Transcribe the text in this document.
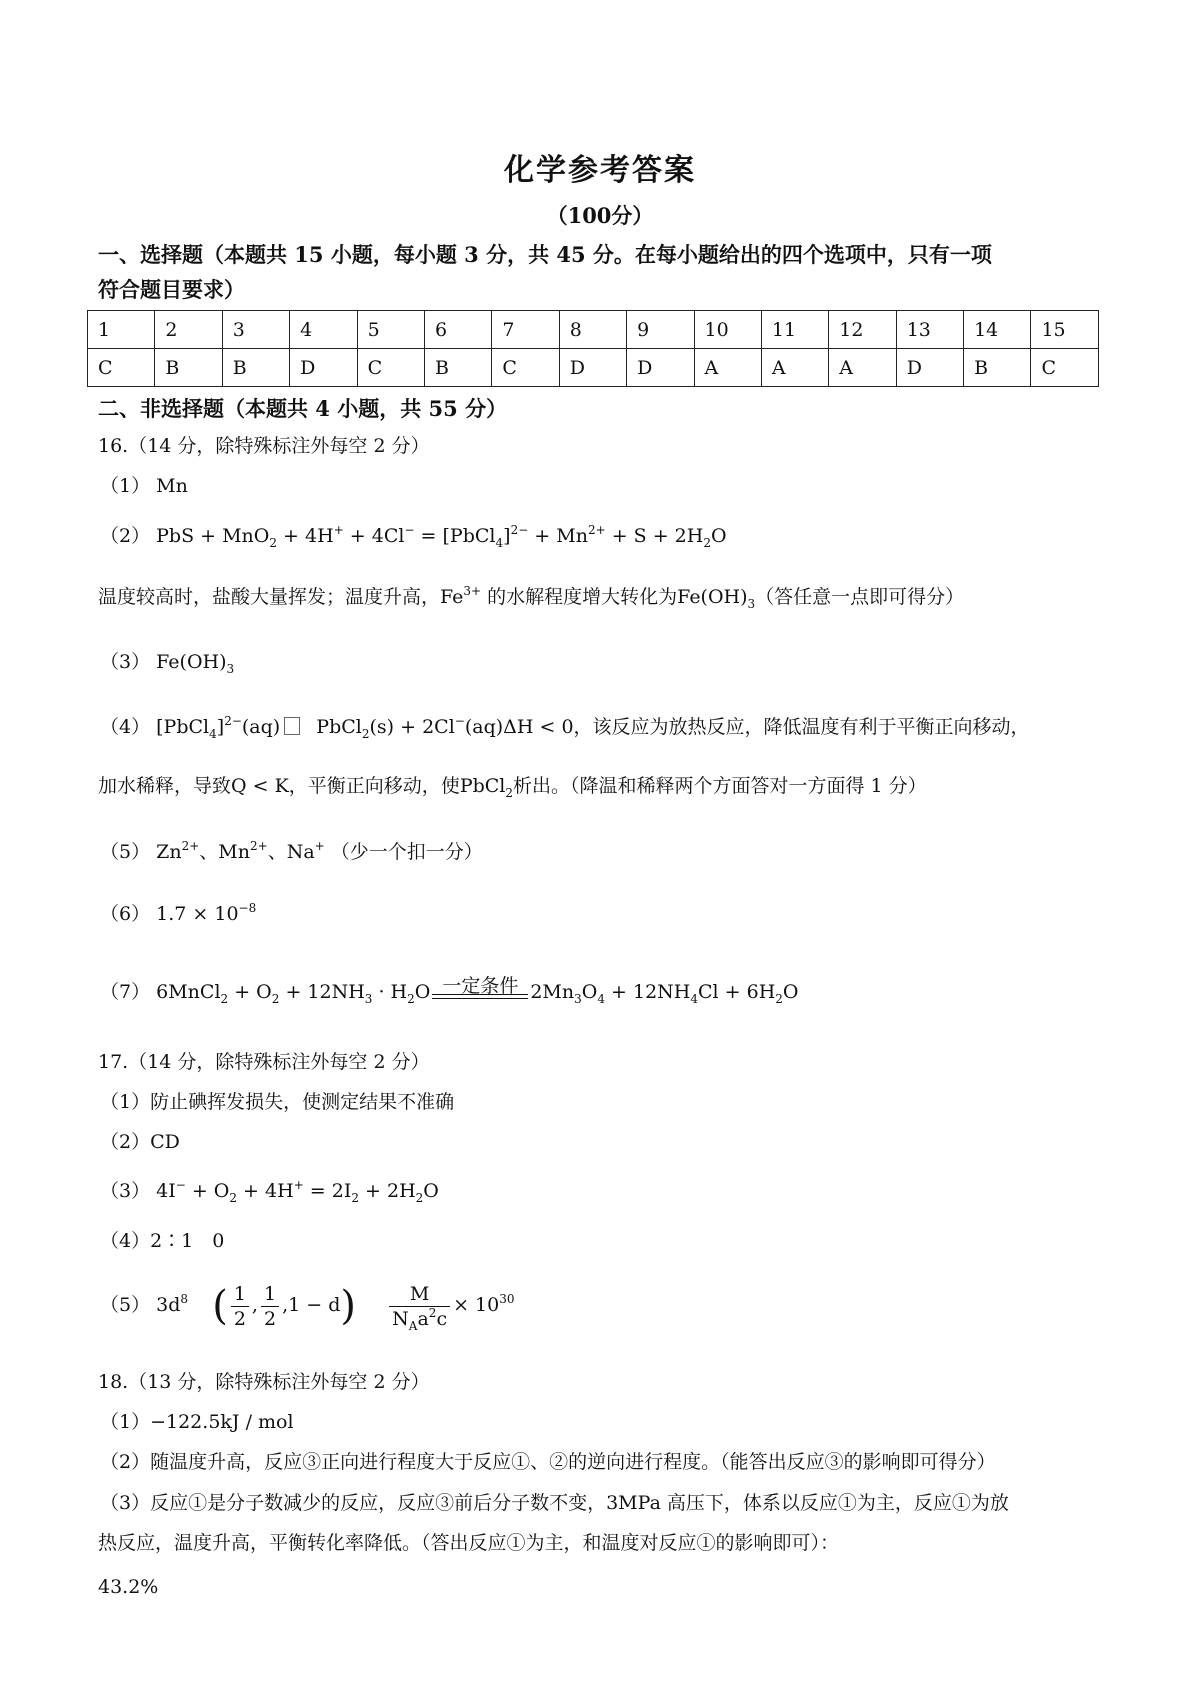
化学参考答案
（100分）
一、选择题（本题共 15 小题，每小题 3 分，共 45 分。在每小题给出的四个选项中，只有一项
符合题目要求）
1	2	3	4	5	6	7	8	9	10	11	12	13	14	15
C	B	B	D	C	B	C	D	D	A	A	A	D	B	C
二、非选择题（本题共 4 小题，共 55 分）
16.（14 分，除特殊标注外每空 2 分）
（1） Mn
（2） PbS + MnO$_2$ + 4H+ + 4Cl− = [PbCl$_4$]$^{2-}$ + $Mn^{2+} + S + 2H_2O$
温度较高时，盐酸大量挥发；温度升高，$Fe^{3+}$ 的水解程度增大转化为$Fe(OH)_3$（答任意一点即可得分）
（3） $Fe(OH)_3$
（4） [PbCl$_4$]$^{2-}$(aq)  PbCl$_2$(s) + 2Cl−(aq)ΔH < 0，该反应为放热反应，降低温度有利于平衡正向移动，
加水稀释，导致Q < K，平衡正向移动，使PbCl$_2$析出。（降温和稀释两个方面答对一方面得 1 分）
（5） $Zn^{2+}$、$Mn^{2+}$、Na+ （少一个扣一分）
（6） $1.7 \times 10^{-8}$
（7） 6MnCl$_2$ + $O_2 + 12NH_3 \cdot H_2O$ 一定条件 $2Mn_3O_4 + 12NH_4Cl + 6H_2O$
17.（14 分，除特殊标注外每空 2 分）
（1）防止碘挥发损失，使测定结果不准确
（2）CD
（3） $4I^- + O_2 + 4H^+ = 2I_2 + 2H_2O$
（4）2∶1　0
（5） $3d^8$ ( $\frac{1}{2}$ , $\frac{1}{2} ,1 - d) \frac{M}{N_Aa^2c} \times 10^{30}$
18.（13 分，除特殊标注外每空 2 分）
（1）−122.5kJ / mol
（2）随温度升高，反应③正向进行程度大于反应①、②的逆向进行程度。（能答出反应③的影响即可得分）
（3）反应①是分子数减少的反应，反应③前后分子数不变，3MPa 高压下，体系以反应①为主，反应①为放
热反应，温度升高，平衡转化率降低。（答出反应①为主，和温度对反应①的影响即可）：
43.2%
